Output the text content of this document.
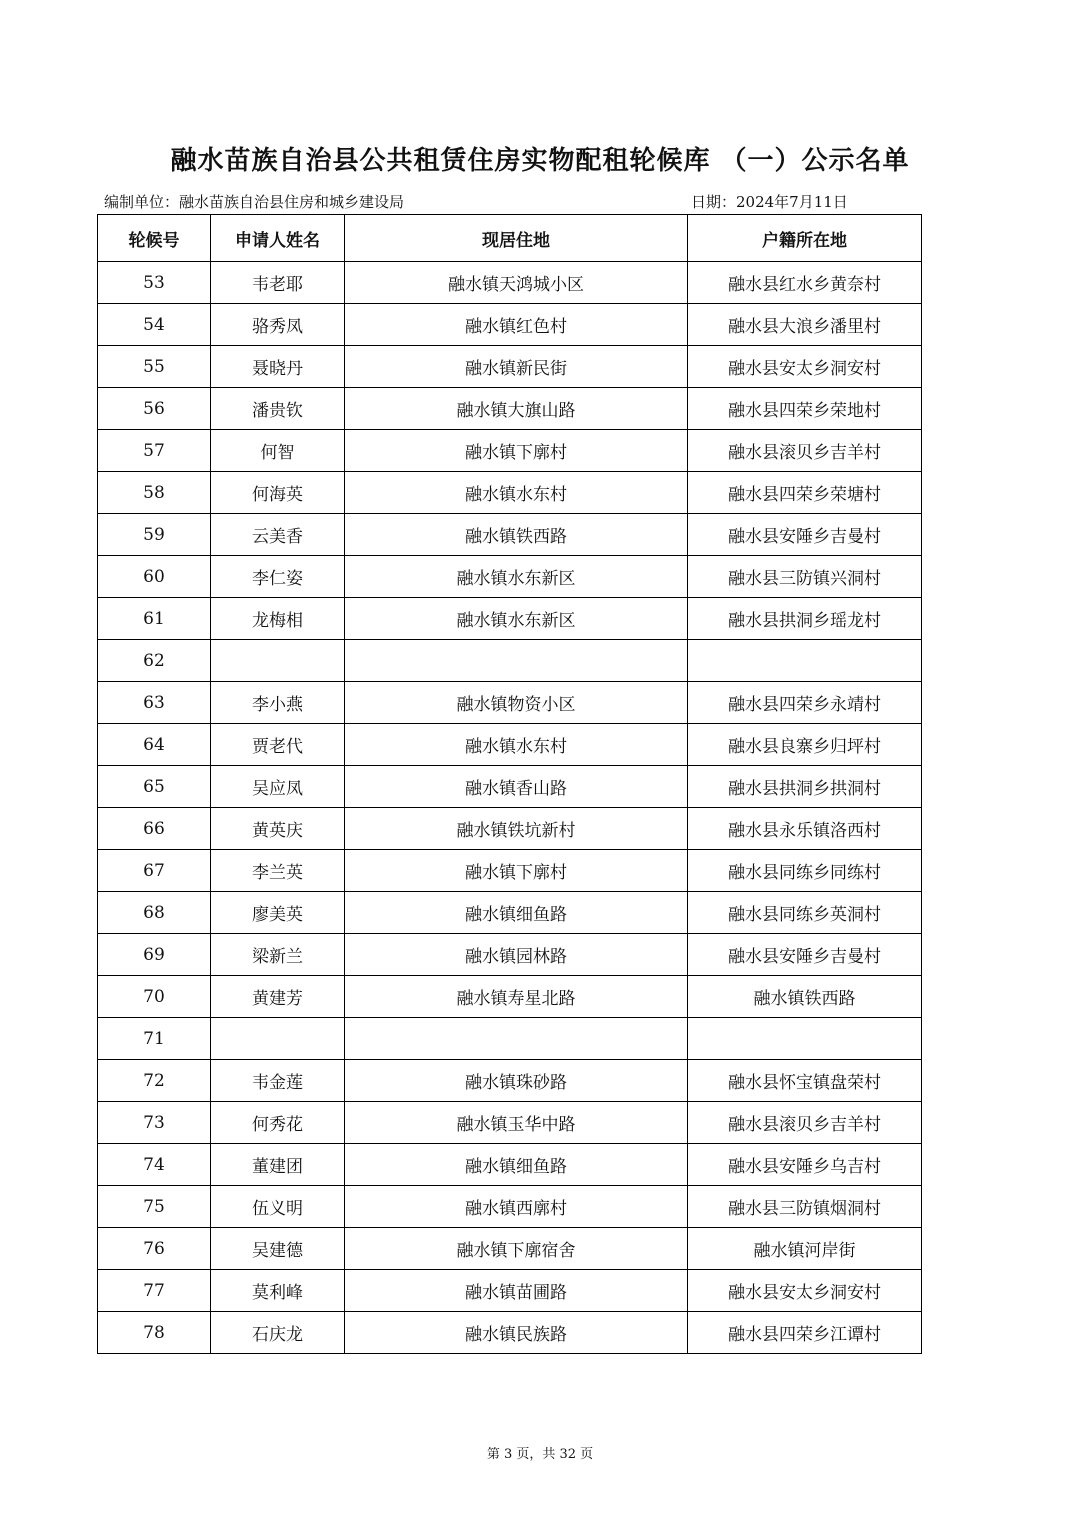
融水苗族自治县公共租赁住房实物配租轮候库 （一）公示名单
编制单位：融水苗族自治县住房和城乡建设局	日期：2024年7月11日
轮候号	申请人姓名	现居住地	户籍所在地
53	韦老耶	融水镇天鸿城小区	融水县红水乡黄奈村
54	骆秀凤	融水镇红色村	融水县大浪乡潘里村
55	聂晓丹	融水镇新民街	融水县安太乡洞安村
56	潘贵钦	融水镇大旗山路	融水县四荣乡荣地村
57	何智	融水镇下廓村	融水县滚贝乡吉羊村
58	何海英	融水镇水东村	融水县四荣乡荣塘村
59	云美香	融水镇铁西路	融水县安陲乡吉曼村
60	李仁姿	融水镇水东新区	融水县三防镇兴洞村
61	龙梅相	融水镇水东新区	融水县拱洞乡瑶龙村
62			
63	李小燕	融水镇物资小区	融水县四荣乡永靖村
64	贾老代	融水镇水东村	融水县良寨乡归坪村
65	吴应凤	融水镇香山路	融水县拱洞乡拱洞村
66	黄英庆	融水镇铁坑新村	融水县永乐镇洛西村
67	李兰英	融水镇下廓村	融水县同练乡同练村
68	廖美英	融水镇细鱼路	融水县同练乡英洞村
69	梁新兰	融水镇园林路	融水县安陲乡吉曼村
70	黄建芳	融水镇寿星北路	融水镇铁西路
71			
72	韦金莲	融水镇珠砂路	融水县怀宝镇盘荣村
73	何秀花	融水镇玉华中路	融水县滚贝乡吉羊村
74	董建团	融水镇细鱼路	融水县安陲乡乌吉村
75	伍义明	融水镇西廓村	融水县三防镇烟洞村
76	吴建德	融水镇下廓宿舍	融水镇河岸街
77	莫利峰	融水镇苗圃路	融水县安太乡洞安村
78	石庆龙	融水镇民族路	融水县四荣乡江谭村
第 3 页，共 32 页
